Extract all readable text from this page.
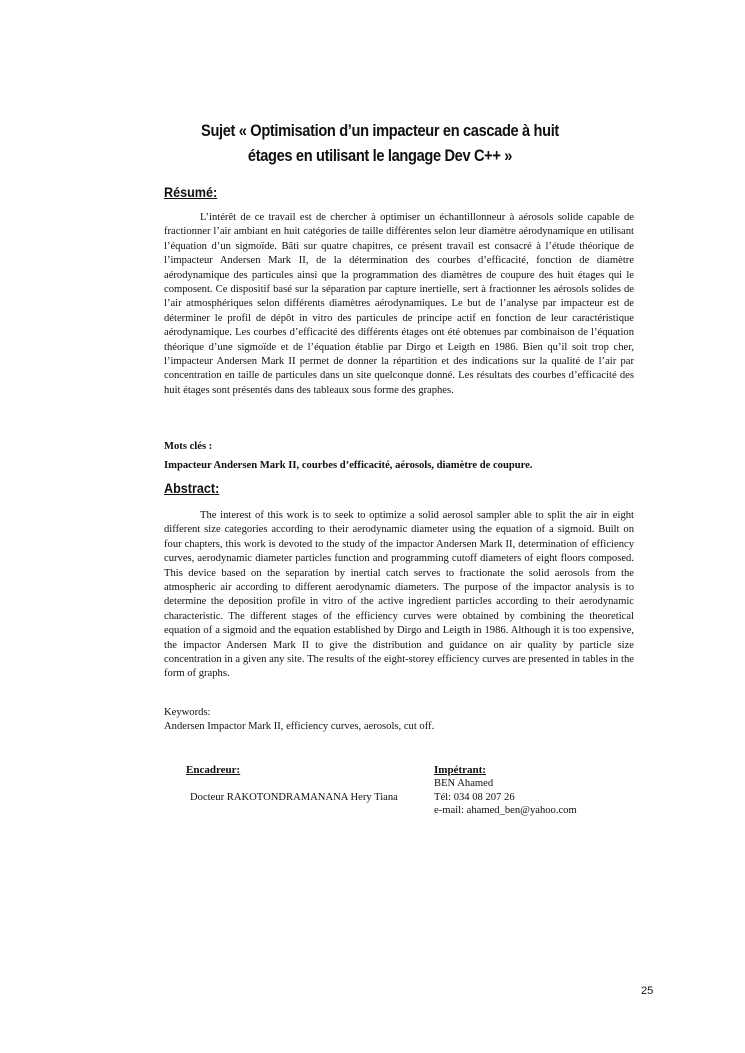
Sujet « Optimisation d’un impacteur en cascade à huit étages en utilisant le langage Dev C++ »
Résumé:

L’intérêt de ce travail est de chercher à optimiser un échantillonneur à aérosols solide capable de fractionner l’air ambiant en huit catégories de taille différentes selon leur diamètre aérodynamique en utilisant l’équation d’un sigmoïde. Bâti sur quatre chapitres, ce présent travail est consacré à l’étude théorique de l’impacteur Andersen Mark II, de la détermination des courbes d’efficacité, fonction de diamètre aérodynamique des particules ainsi que la programmation des diamètres de coupure des huit étages qui le composent. Ce dispositif basé sur la séparation par capture inertielle, sert à fractionner les aérosols solides de l’air atmosphériques selon différents diamètres aérodynamiques. Le but de l’analyse par impacteur est de déterminer le profil de dépôt in vitro des particules de principe actif en fonction de leur caractéristique aérodynamique. Les courbes d’efficacité des différents étages ont été obtenues par combinaison de l’équation théorique d’une sigmoïde et de l’équation établie par Dirgo et Leigth en 1986. Bien qu’il soit trop cher, l’impacteur Andersen Mark II permet de donner la répartition et des indications sur la qualité de l’air par concentration en taille de particules dans un site quelconque donné. Les résultats des courbes d’efficacité des huit étages sont présentés dans des tableaux sous forme des graphes.

Mots clés :
Impacteur Andersen Mark II, courbes d’efficacité, aérosols, diamètre de coupure.
Abstract:

The interest of this work is to seek to optimize a solid aerosol sampler able to split the air in eight different size categories according to their aerodynamic diameter using the equation of a sigmoid. Built on four chapters, this work is devoted to the study of the impactor Andersen Mark II, determination of efficiency curves, aerodynamic diameter particles function and programming cutoff diameters of eight floors composed. This device based on the separation by inertial catch serves to fractionate the solid aerosols from the atmospheric air according to different aerodynamic diameters. The purpose of the impactor analysis is to determine the deposition profile in vitro of the active ingredient particles according to their aerodynamic characteristic. The different stages of the efficiency curves were obtained by combining the theoretical equation of a sigmoid and the equation established by Dirgo and Leigth in 1986. Although it is too expensive, the impactor Andersen Mark II to give the distribution and guidance on air quality by particle size concentration in a given any site. The results of the eight-storey efficiency curves are presented in tables in the form of graphs.

Keywords:
Andersen Impactor Mark II, efficiency curves, aerosols, cut off.
Encadreur:
Docteur RAKOTONDRAMANANA Hery Tiana
Impétrant:
BEN Ahamed
Tél: 034 08 207 26
e-mail: ahamed_ben@yahoo.com
25
